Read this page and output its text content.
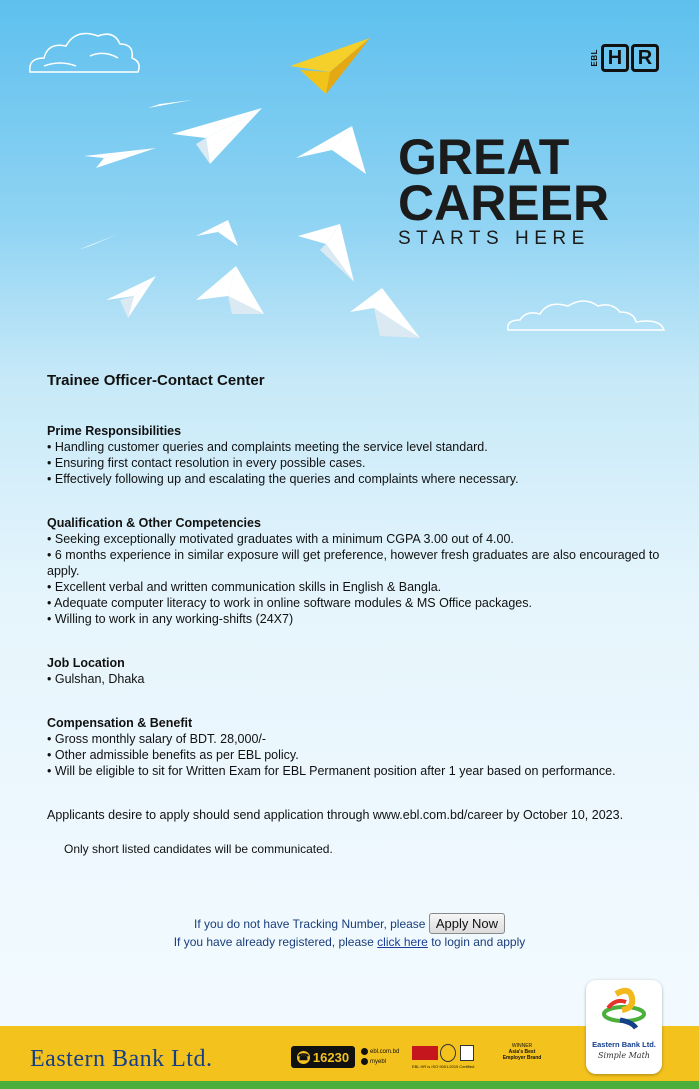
EBL H R
GREAT
CAREER
STARTS HERE
Trainee Officer-Contact Center
Prime Responsibilities
• Handling customer queries and complaints meeting the service level standard.
• Ensuring first contact resolution in every possible cases.
• Effectively following up and escalating the queries and complaints where necessary.
Qualification & Other Competencies
• Seeking exceptionally motivated graduates with a minimum CGPA 3.00 out of 4.00.
• 6 months experience in similar exposure will get preference, however fresh graduates are also encouraged to apply.
• Excellent verbal and written communication skills in English & Bangla.
• Adequate computer literacy to work in online software modules & MS Office packages.
• Willing to work in any working-shifts (24X7)
Job Location
• Gulshan, Dhaka
Compensation & Benefit
• Gross monthly salary of BDT. 28,000/-
• Other admissible benefits as per EBL policy.
• Will be eligible to sit for Written Exam for EBL Permanent position after 1 year based on performance.
Applicants desire to apply should send application through www.ebl.com.bd/career by October 10, 2023.
Only short listed candidates will be communicated.
If you do not have Tracking Number, please Apply Now
If you have already registered, please click here to login and apply
Eastern Bank Ltd.	☎ 16230	ebl.com.bd
myebl
EBL HR is ISO 9001:2015 Certified
WINNER
Asia's Best
Employer Brand
Eastern Bank Ltd.
Simple Math
